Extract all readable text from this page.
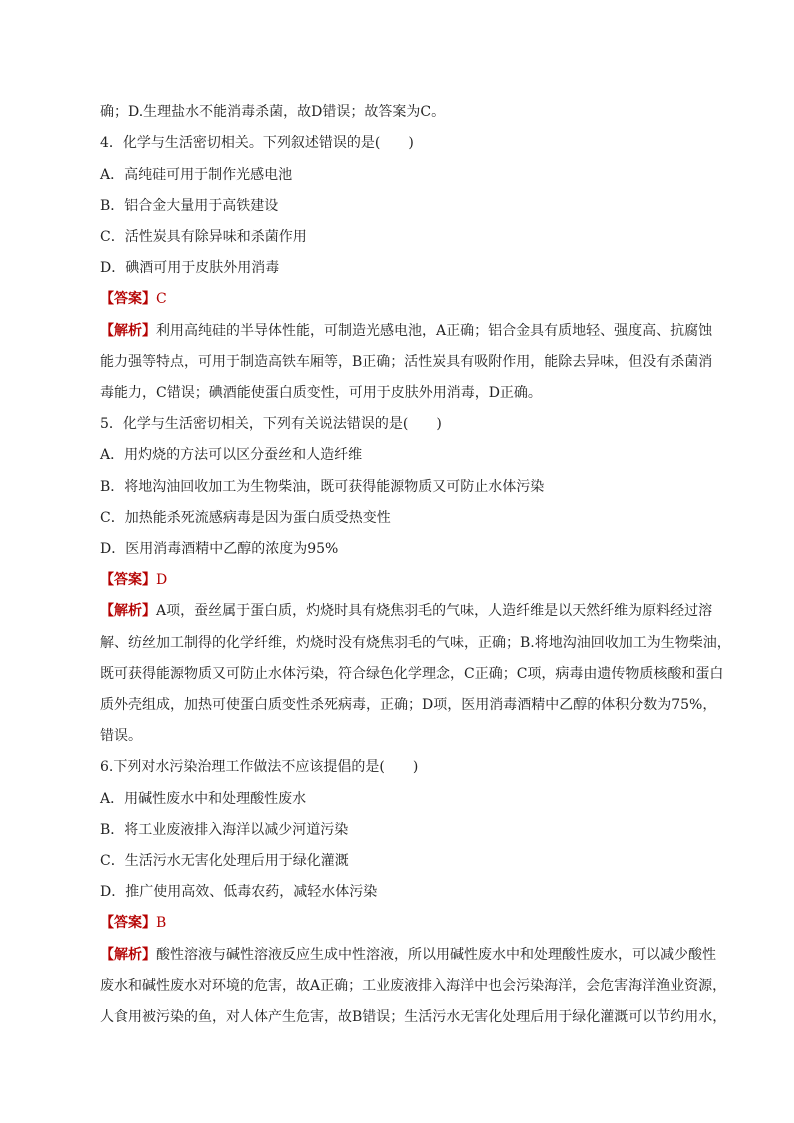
确；D.生理盐水不能消毒杀菌，故D错误；故答案为C。
4．化学与生活密切相关。下列叙述错误的是(　　)
A．高纯硅可用于制作光感电池
B．铝合金大量用于高铁建设
C．活性炭具有除异味和杀菌作用
D．碘酒可用于皮肤外用消毒
【答案】C
【解析】利用高纯硅的半导体性能，可制造光感电池，A正确；铝合金具有质地轻、强度高、抗腐蚀
能力强等特点，可用于制造高铁车厢等，B正确；活性炭具有吸附作用，能除去异味，但没有杀菌消
毒能力，C错误；碘酒能使蛋白质变性，可用于皮肤外用消毒，D正确。
5．化学与生活密切相关，下列有关说法错误的是(　　)
A．用灼烧的方法可以区分蚕丝和人造纤维
B．将地沟油回收加工为生物柴油，既可获得能源物质又可防止水体污染
C．加热能杀死流感病毒是因为蛋白质受热变性
D．医用消毒酒精中乙醇的浓度为95%
【答案】D
【解析】A项，蚕丝属于蛋白质，灼烧时具有烧焦羽毛的气味，人造纤维是以天然纤维为原料经过溶
解、纺丝加工制得的化学纤维，灼烧时没有烧焦羽毛的气味，正确；B.将地沟油回收加工为生物柴油，
既可获得能源物质又可防止水体污染，符合绿色化学理念，C正确；C项，病毒由遗传物质核酸和蛋白
质外壳组成，加热可使蛋白质变性杀死病毒，正确；D项，医用消毒酒精中乙醇的体积分数为75%，
错误。
6.下列对水污染治理工作做法不应该提倡的是(　　)
A．用碱性废水中和处理酸性废水
B．将工业废液排入海洋以减少河道污染
C．生活污水无害化处理后用于绿化灌溉
D．推广使用高效、低毒农药，减轻水体污染
【答案】B
【解析】酸性溶液与碱性溶液反应生成中性溶液，所以用碱性废水中和处理酸性废水，可以减少酸性
废水和碱性废水对环境的危害，故A正确；工业废液排入海洋中也会污染海洋，会危害海洋渔业资源，
人食用被污染的鱼，对人体产生危害，故B错误；生活污水无害化处理后用于绿化灌溉可以节约用水，
